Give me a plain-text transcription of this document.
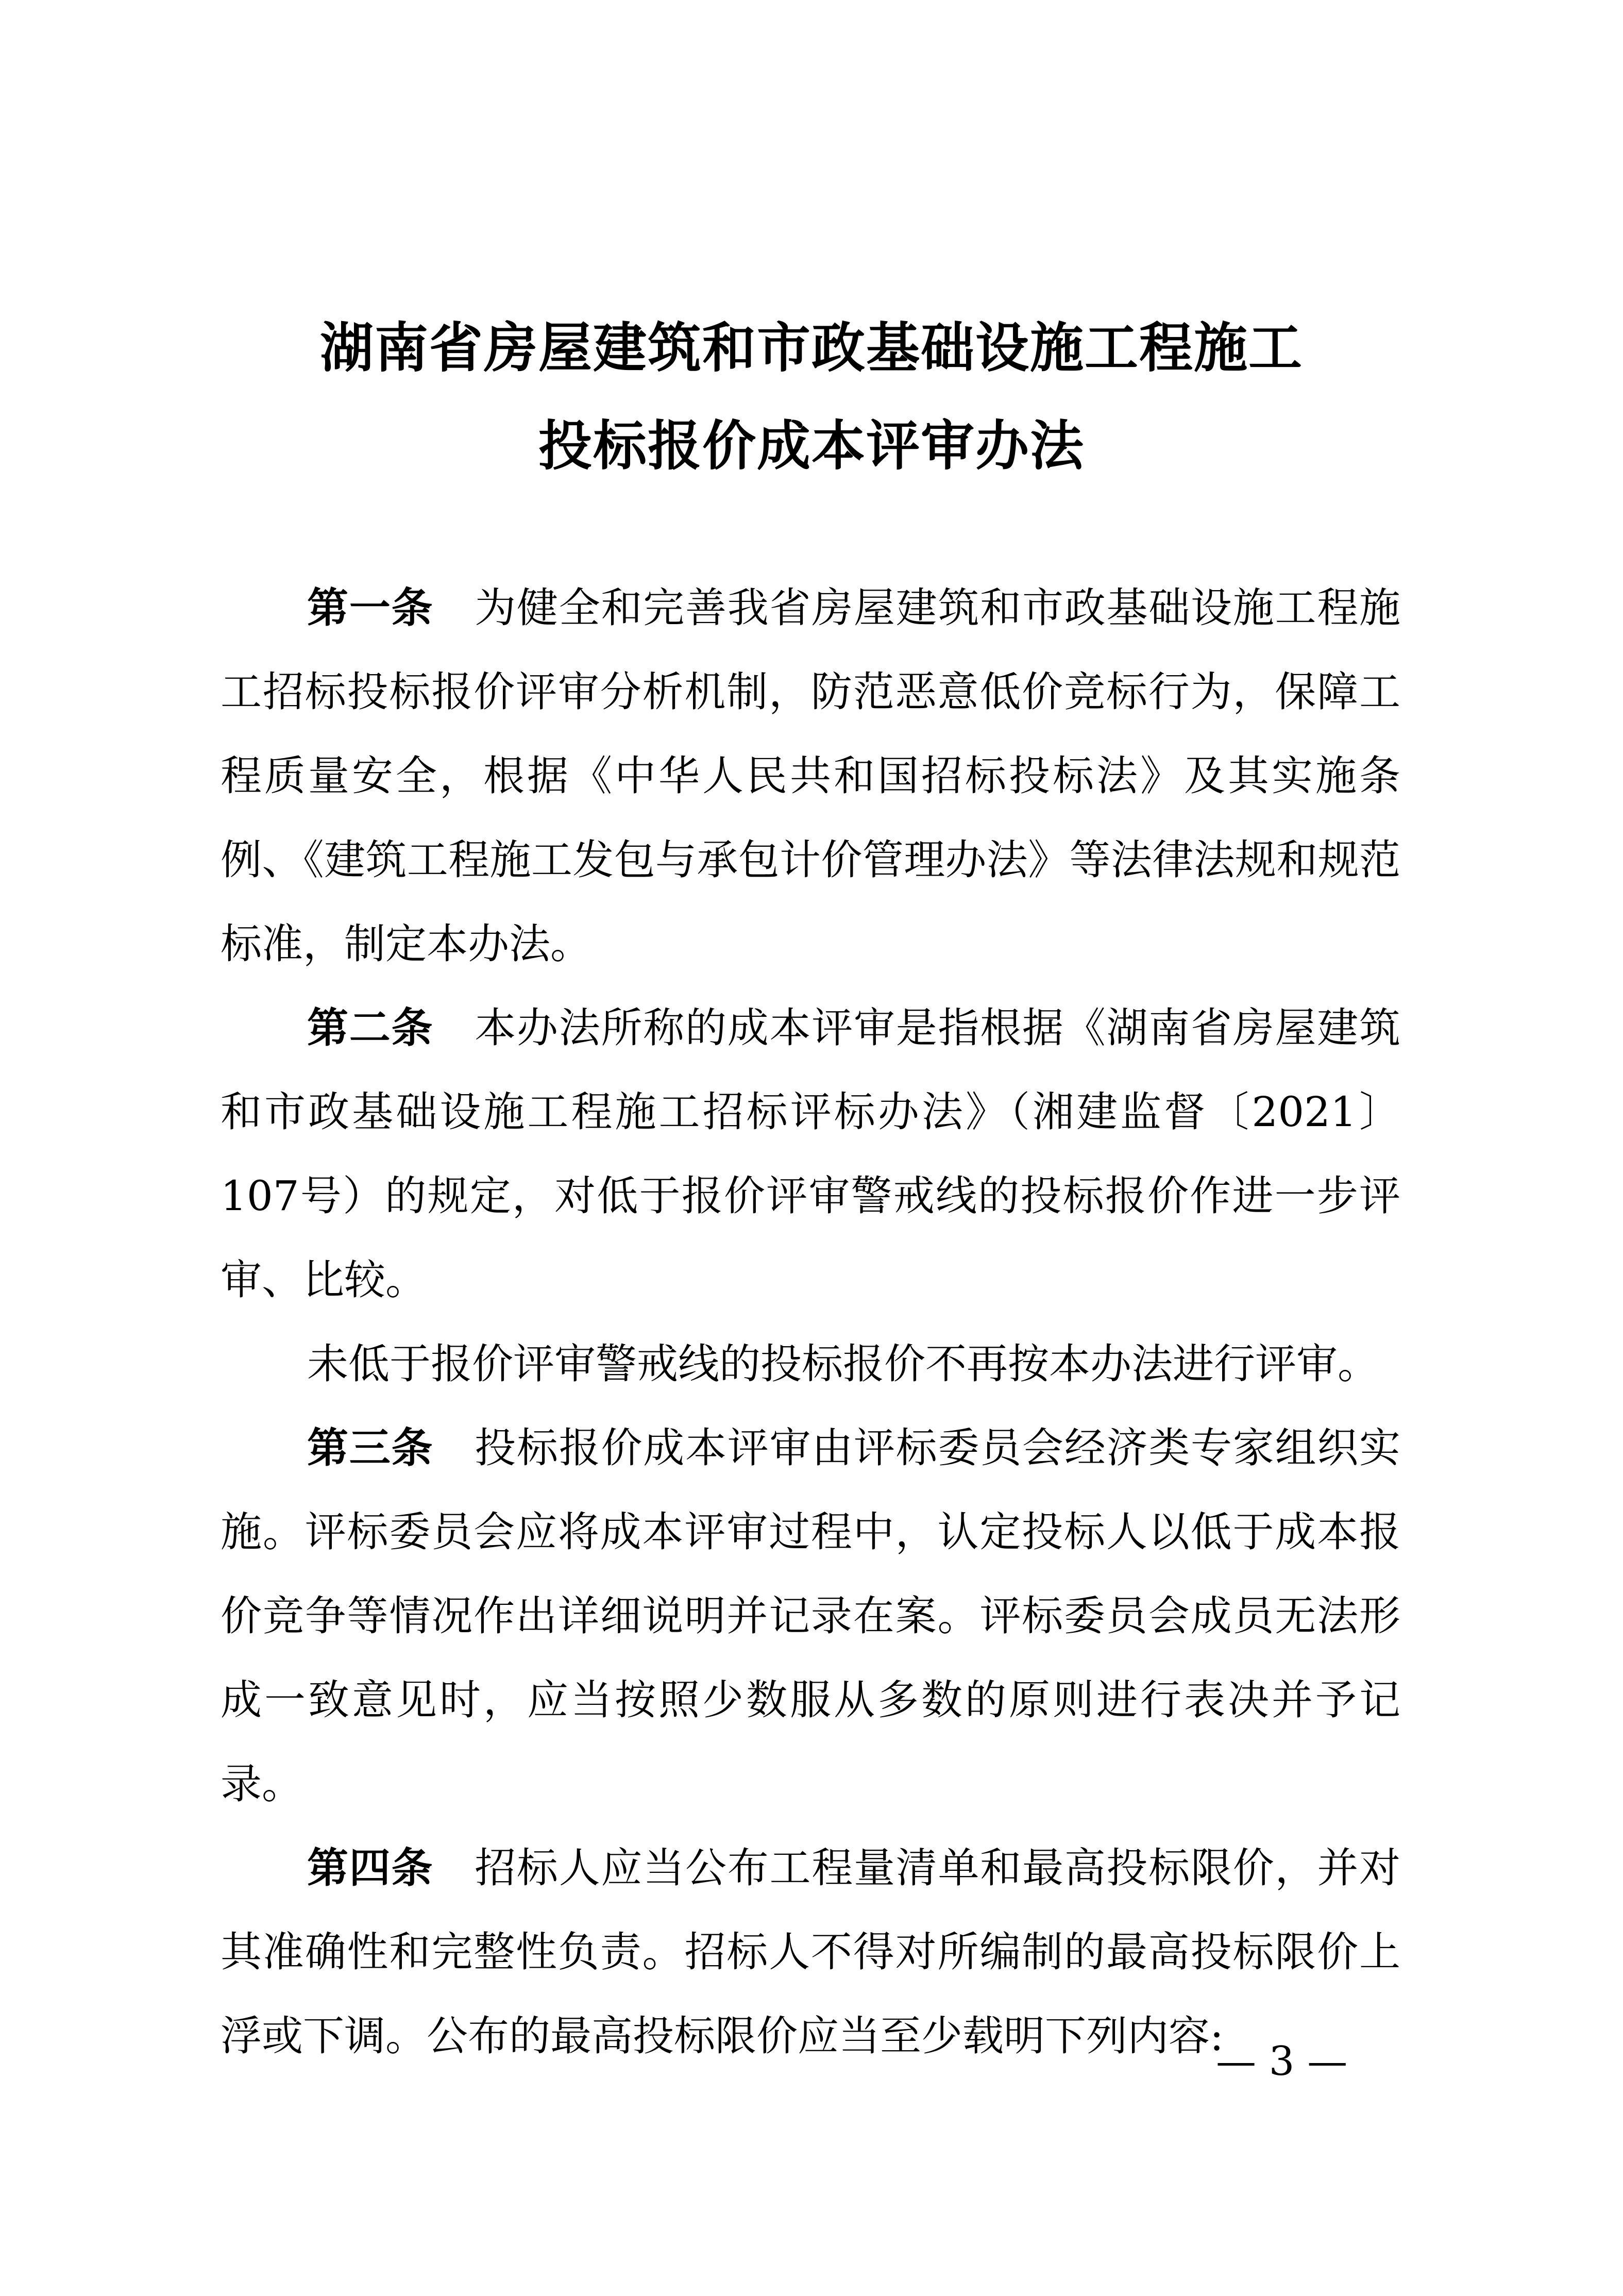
湖南省房屋建筑和市政基础设施工程施工
投标报价成本评审办法

第一条 为健全和完善我省房屋建筑和市政基础设施工程施工招标投标报价评审分析机制，防范恶意低价竞标行为，保障工程质量安全，根据《中华人民共和国招标投标法》及其实施条例、《建筑工程施工发包与承包计价管理办法》等法律法规和规范标准，制定本办法。

第二条 本办法所称的成本评审是指根据《湖南省房屋建筑和市政基础设施工程施工招标评标办法》（湘建监督〔2021〕107号）的规定，对低于报价评审警戒线的投标报价作进一步评审、比较。

未低于报价评审警戒线的投标报价不再按本办法进行评审。

第三条 投标报价成本评审由评标委员会经济类专家组织实施。评标委员会应将成本评审过程中，认定投标人以低于成本报价竞争等情况作出详细说明并记录在案。评标委员会成员无法形成一致意见时，应当按照少数服从多数的原则进行表决并予记录。

第四条 招标人应当公布工程量清单和最高投标限价，并对其准确性和完整性负责。招标人不得对所编制的最高投标限价上浮或下调。公布的最高投标限价应当至少载明下列内容:

— 3 —
